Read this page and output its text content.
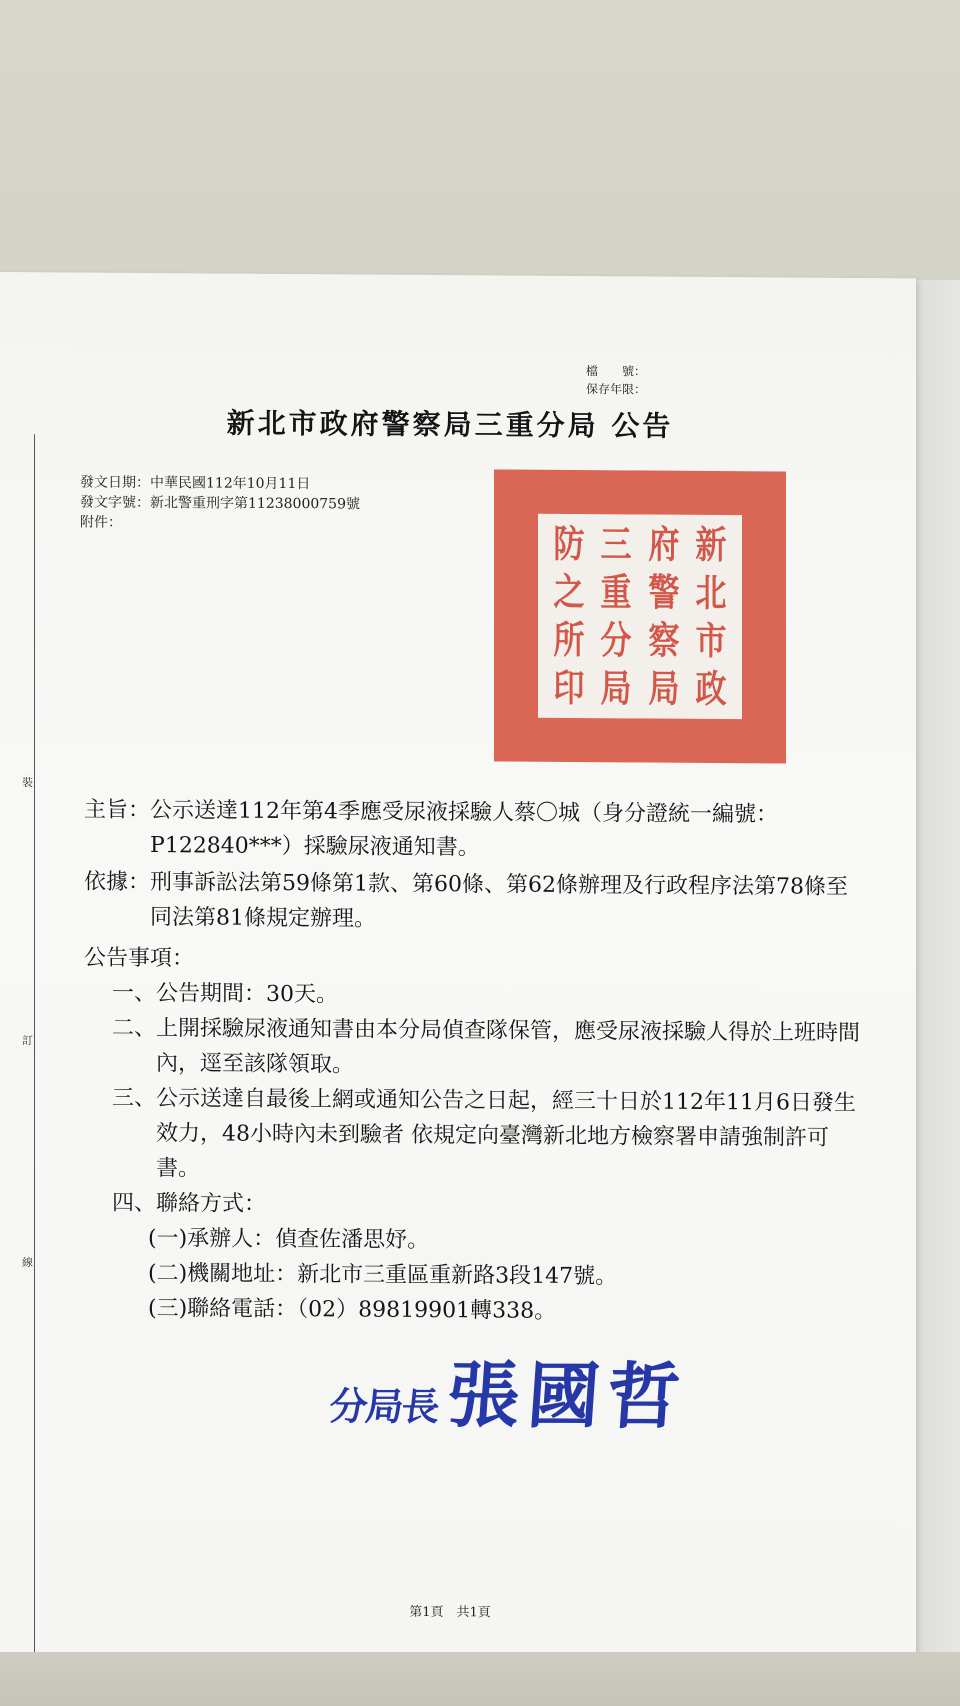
裝
訂
線
檔　　號：
保存年限：
新北市政府警察局三重分局 公告
發文日期：中華民國112年10月11日
發文字號：新北警重刑字第11238000759號
附件：	新
北
市
政
府
警
察
局
三
重
分
局
防
之
所
印
主旨： 公示送達112年第4季應受尿液採驗人蔡〇城（身分證統一編號：P122840***）採驗尿液通知書。
依據： 刑事訴訟法第59條第1款、第60條、第62條辦理及行政程序法第78條至同法第81條規定辦理。
公告事項：
一、 公告期間：30天。
二、 上開採驗尿液通知書由本分局偵查隊保管，應受尿液採驗人得於上班時間內，逕至該隊領取。
三、 公示送達自最後上網或通知公告之日起，經三十日於112年11月6日發生效力，48小時內未到驗者 依規定向臺灣新北地方檢察署申請強制許可書。
四、聯絡方式：
(一)承辦人：偵查佐潘思妤。
(二)機關地址：新北市三重區重新路3段147號。
(三)聯絡電話：（02）89819901轉338。
分局長 張國哲
第1頁　共1頁
